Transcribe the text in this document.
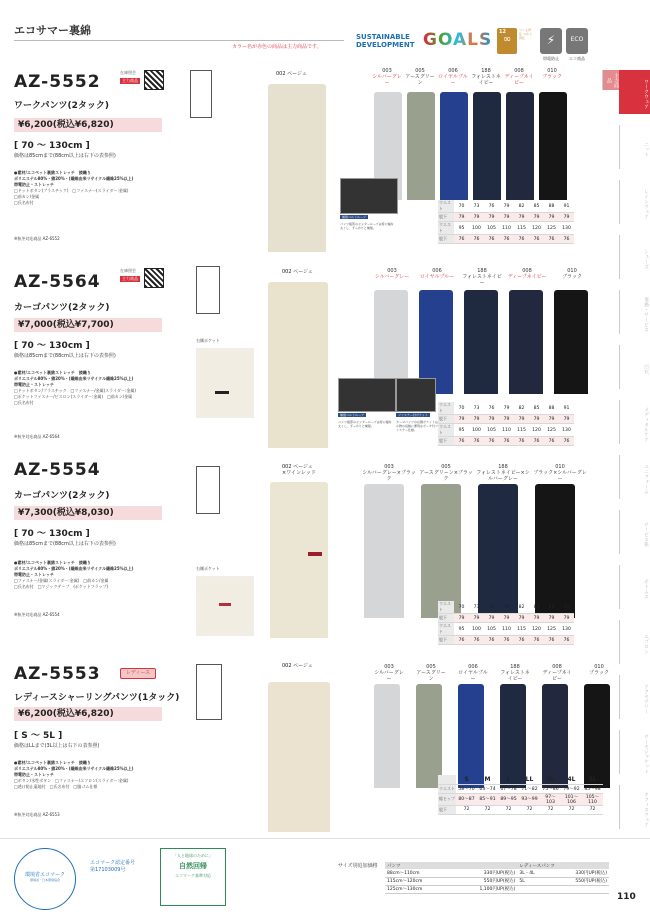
エコサマー裏綿
カラー名が赤色の商品は主力商品です。
SUSTAINABLE
DEVELOPMENT GOALS 12
∞
つくる責任 つかう責任	⚡	ECO
帯電防止	エコ商品
主力商品	ワークウェア
ニット
レインウェア
シューズ
事務・サービス
白衣
メディカルケア
ユニフォーム
サービス系
ボトムス
エプロン
アクセサリー
サーモジャケット
オフィスウェア
AZ-5552	在庫照会
主力商品
ワークパンツ(2タック)
¥6,200(税込¥6,820)
[ 70 ～ 130cm ]
価格は85cmまで(88cm以上は右下の表参照)
●素材/エコペット裏綿ストレッチ　綾織り
ポリエステル80%・綿20%・(繊維由来リサイクル繊維25%以上)
帯電防止・ストレッチ
□ドットボタン(プラスチック)　□ファスナー(スライダー:金属)
□前カン/金属
□氏名布付
※秋冬対応商品 AZ-6552
002 ベージュ	003
シルバーグレー
005
アースグリーン
006
ロイヤルブルー
188
フォレストネイビー
008
ディープネイビー
010
ブラック
補強ベルトループ
パンツ後部のセンターループは特に幅を太くし、ずっかりと補強。
ウエスト	70	73	76	79	82	85	88	91
股下	79	79	79	79	79	79	79	79
ウエスト	95	100	105	110	115	120	125	130
股下	76	76	76	76	76	76	76	76
AZ-5564
在庫照会
主力商品
カーゴパンツ(2タック)
¥7,000(税込¥7,700)
[ 70 ～ 130cm ]
価格は85cmまで(88cm以上は右下の表参照)
●素材/エコペット裏綿ストレッチ　綾織り
ポリエステル80%・綿20%・(繊維由来リサイクル繊維25%以上)
帯電防止・ストレッチ
□ドットボタン/プラスチック　□ファスナー/金属(スライダー:金属)
□ポケットファスナー/ビスロン(スライダー:金属)　□前カン/金属
□氏名布付
※秋冬対応商品 AZ-6564
右側ポケット
002 ベージュ	003
シルバーグレー
006
ロイヤルブルー
188
フォレストネイビー
008
ディープネイビー
010
ブラック
補強ベルトループ
パンツ後部のセンターループは特に幅を太くし、ずっかりと補強。
ファスナー付ポケット
カーゴパンツの右側ポケットは小物の収納に便利なポーチ付ファスナー仕様。
ウエスト	70	73	76	79	82	85	88	91
股下	79	79	79	79	79	79	79	79
ウエスト	95	100	105	110	115	120	125	130
股下	76	76	76	76	76	76	76	76
AZ-5554
カーゴパンツ(2タック)
¥7,300(税込¥8,030)
[ 70 ～ 130cm ]
価格は85cmまで(88cm以上は右下の表参照)
●素材/エコペット裏綿ストレッチ　綾織り
ポリエステル80%・綿20%・(繊維由来リサイクル繊維25%以上)
帯電防止・ストレッチ
□ファスナー/金属(スライダー:金属)　□前カン/金属
□氏名布付　□マジックテープ　(ポケットフラップ)
※秋冬対応商品 AZ-6554
右側ポケット
002 ベージュ
×ワインレッド
003
シルバーグレー×ブラック
005
アースグリーン×ブラック
188
フォレストネイビー×シルバーグレー
010
ブラック×シルバーグレー
ウエスト	70	73	76	79	82	85	88	91
股下	79	79	79	79	79	79	79	79
ウエスト	95	100	105	110	115	120	125	130
股下	76	76	76	76	76	76	76	76
AZ-5553	レディース
レディースシャーリングパンツ(1タック)
¥6,200(税込¥6,820)
[ S ～ 5L ]
価格はLLまで(3L以上は右下の表参照)
●素材/エコペット裏綿ストレッチ　綾織り
ポリエステル80%・綿20%・(繊維由来リサイクル繊維25%以上)
帯電防止・ストレッチ
□ボタン/水性ボタン　□ファスナー/エフロン(スライダー:金属)
□透け防止裏地付　□氏名布付　□脇ゴム仕様
※秋冬対応商品 AZ-6553
002 ベージュ	003
シルバーグレー
005
アースグリーン
006
ロイヤルブルー
188
フォレストネイビー
008
ディープネイビー
010
ブラック
	S	M	L	LL	3L	4L	5L
ウエスト	58～70	63～74	67～78	71～82	75～86	79～92	85～98
総ヒップ	80～87	85～91	89～95	93～99	97～103	101～106	105～110
股下	72	72	72	72	72	72	72
環境省エコマーク
環境省・日本環境協会
エコマーク認定番号
第17103009号
「人と地球のために」
自然回帰
エコマーク基準対応
サイズ別追加価格 パンツ		レディースパンツ	
88cm～110cm	330円UP(税込)	3L・4L	330円UP(税込)
115cm～120cm	550円UP(税込)	5L	550円UP(税込)
125cm～130cm	1,100円UP(税込)		
110
